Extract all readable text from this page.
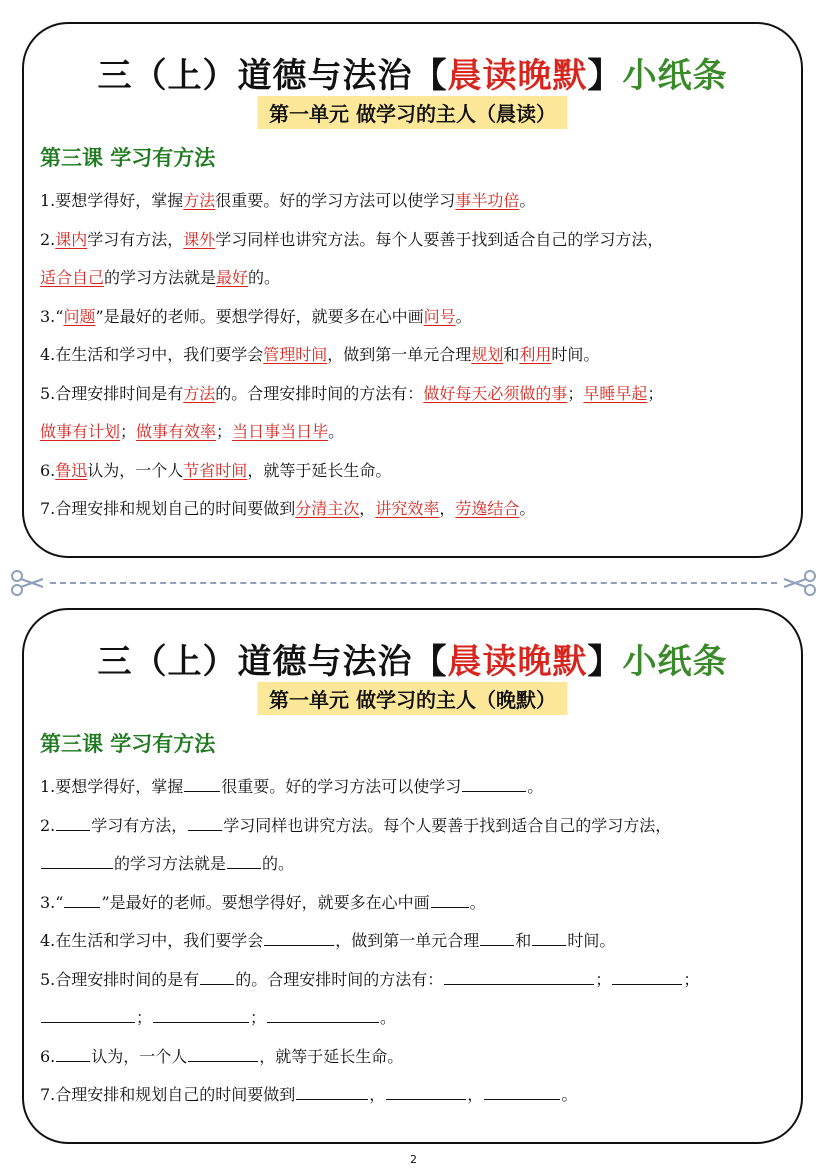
三（上）道德与法治【晨读晚默】小纸条
第一单元 做学习的主人（晨读）
第三课 学习有方法
1.要想学得好，掌握方法很重要。好的学习方法可以使学习事半功倍。
2.课内学习有方法，课外学习同样也讲究方法。每个人要善于找到适合自己的学习方法，
适合自己的学习方法就是最好的。
3.“问题”是最好的老师。要想学得好，就要多在心中画问号。
4.在生活和学习中，我们要学会管理时间，做到第一单元合理规划和利用时间。
5.合理安排时间是有方法的。合理安排时间的方法有：做好每天必须做的事；早睡早起；
做事有计划；做事有效率；当日事当日毕。
6.鲁迅认为，一个人节省时间，就等于延长生命。
7.合理安排和规划自己的时间要做到分清主次，讲究效率，劳逸结合。
三（上）道德与法治【晨读晚默】小纸条
第一单元 做学习的主人（晚默）
第三课 学习有方法
1.要想学得好，掌握 很重要。好的学习方法可以使学习	。
2. 学习有方法， 学习同样也讲究方法。每个人要善于找到适合自己的学习方法，
的学习方法就是 的。
3.“ ”是最好的老师。要想学得好，就要多在心中画	。
4.在生活和学习中，我们要学会	，做到第一单元合理 和 时间。
5.合理安排时间的是有 的。合理安排时间的方法有：	；	；
；	；	。
6. 认为，一个人	，就等于延长生命。
7.合理安排和规划自己的时间要做到	，	，	。
2
